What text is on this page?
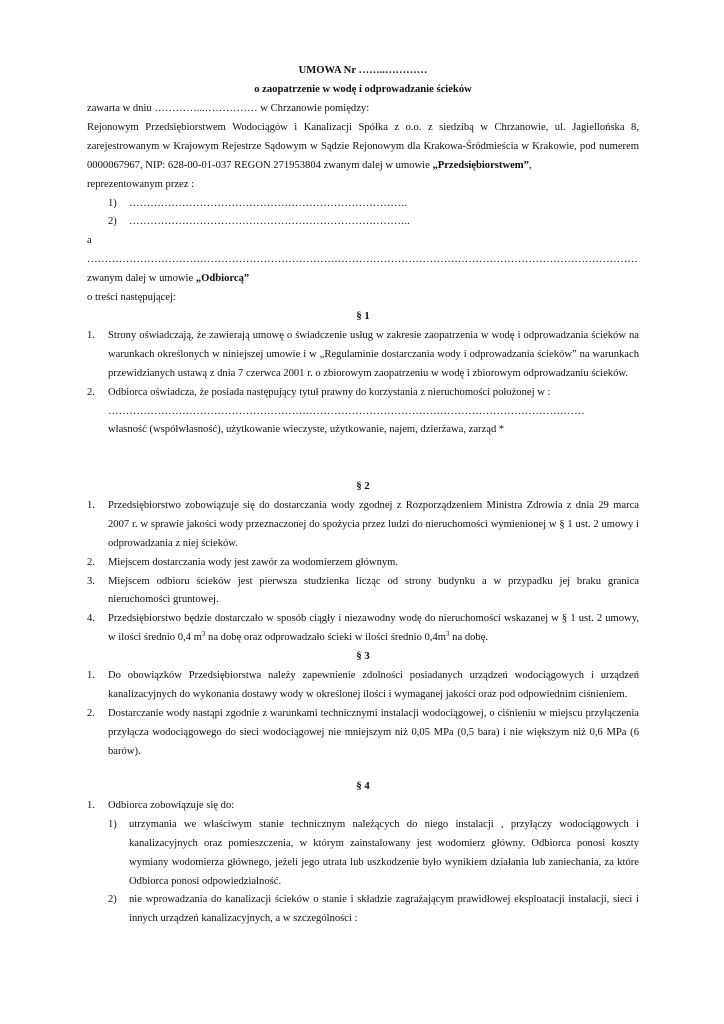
UMOWA Nr ……..…………
o zaopatrzenie w wodę i odprowadzanie ścieków

zawarta w dniu …………...…………… w Chrzanowie pomiędzy:

Rejonowym Przedsiębiorstwem Wodociągów i Kanalizacji Spółka z o.o. z siedzibą w Chrzanowie, ul. Jagiellońska 8, zarejestrowanym w Krajowym Rejestrze Sądowym w Sądzie Rejonowym dla Krakowa-Śródmieścia w Krakowie, pod numerem 0000067967, NIP: 628-00-01-037 REGON 271953804 zwanym dalej w umowie „Przedsiębiorstwem”,

reprezentowanym przez :

1) …………………………………………………………………….

2) ……………………………………………………………………..

a

…………………………………………………………………………………………………………………………………………

zwanym dalej w umowie „Odbiorcą”

o treści następującej:

§ 1

1. Strony oświadczają, że zawierają umowę o świadczenie usług w zakresie zaopatrzenia w wodę i odprowadzania ścieków na warunkach określonych w niniejszej umowie i w „Regulaminie dostarczania wody i odprowadzania ścieków” na warunkach przewidzianych ustawą z dnia 7 czerwca 2001 r. o zbiorowym zaopatrzeniu w wodę i zbiorowym odprowadzaniu ścieków.

2. Odbiorca oświadcza, że posiada następujący tytuł prawny do korzystania z nieruchomości położonej w :

………………………………………………………………………………………………………………………

własność (współwłasność), użytkowanie wieczyste, użytkowanie, najem, dzierżawa, zarząd *

§ 2

1. Przedsiębiorstwo zobowiązuje się do dostarczania wody zgodnej z Rozporządzeniem Ministra Zdrowia z dnia 29 marca 2007 r. w sprawie jakości wody przeznaczonej do spożycia przez ludzi do nieruchomości wymienionej w § 1 ust. 2 umowy i odprowadzania z niej ścieków.

2. Miejscem dostarczania wody jest zawór za wodomierzem głównym.

3. Miejscem odbioru ścieków jest pierwsza studzienka licząc od strony budynku a w przypadku jej braku granica nieruchomości gruntowej.

4. Przedsiębiorstwo będzie dostarczało w sposób ciągły i niezawodny wodę do nieruchomości wskazanej w § 1 ust. 2 umowy, w ilości średnio 0,4 $m^3$ na dobę oraz odprowadzało ścieki w ilości średnio $0,4m^3$ na dobę.

§ 3

1. Do obowiązków Przedsiębiorstwa należy zapewnienie zdolności posiadanych urządzeń wodociągowych i urządzeń kanalizacyjnych do wykonania dostawy wody w określonej ilości i wymaganej jakości oraz pod odpowiednim ciśnieniem.

2. Dostarczanie wody nastąpi zgodnie z warunkami technicznymi instalacji wodociągowej, o ciśnieniu w miejscu przyłączenia przyłącza wodociągowego do sieci wodociągowej nie mniejszym niż 0,05 MPa (0,5 bara) i nie większym niż 0,6 MPa (6 barów).

§ 4

1. Odbiorca zobowiązuje się do:

1) utrzymania we właściwym stanie technicznym należących do niego instalacji , przyłączy wodociągowych i kanalizacyjnych oraz pomieszczenia, w którym zainstalowany jest wodomierz główny. Odbiorca ponosi koszty wymiany wodomierza głównego, jeżeli jego utrata lub uszkodzenie było wynikiem działania lub zaniechania, za które Odbiorca ponosi odpowiedzialność.

2) nie wprowadzania do kanalizacji ścieków o stanie i składzie zagrażającym prawidłowej eksploatacji instalacji, sieci i innych urządzeń kanalizacyjnych, a w szczególności :
